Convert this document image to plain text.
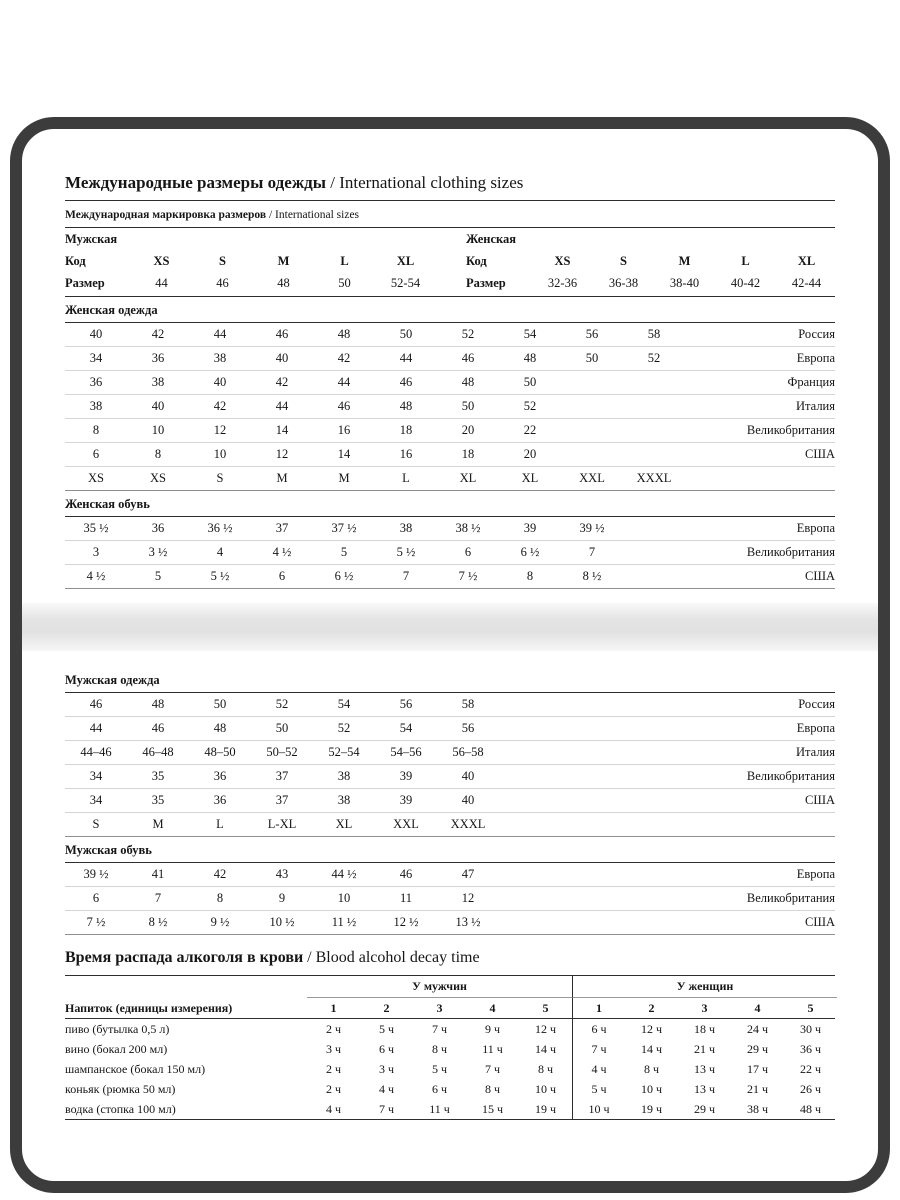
Международные размеры одежды / International clothing sizes
Международная маркировка размеров / International sizes
Мужская
Код	XS	S	M	L	XL
Размер	44	46	48	50	52-54
Женская
Код	XS	S	M	L	XL
Размер	32-36	36-38	38-40	40-42	42-44
Женская одежда
40	42	44	46	48	50	52	54	56	58	Россия
34	36	38	40	42	44	46	48	50	52	Европа
36	38	40	42	44	46	48	50	Франция
38	40	42	44	46	48	50	52	Италия
8	10	12	14	16	18	20	22	Великобритания
6	8	10	12	14	16	18	20	США
XS	XS	S	M	M	L	XL	XL	XXL	XXXL
Женская обувь
35 ½	36	36 ½	37	37 ½	38	38 ½	39	39 ½	Европа
3	3 ½	4	4 ½	5	5 ½	6	6 ½	7	Великобритания
4 ½	5	5 ½	6	6 ½	7	7 ½	8	8 ½	США
Мужская одежда
46	48	50	52	54	56	58	Россия
44	46	48	50	52	54	56	Европа
44–46	46–48	48–50	50–52	52–54	54–56	56–58	Италия
34	35	36	37	38	39	40	Великобритания
34	35	36	37	38	39	40	США
S	M	L	L-XL	XL	XXL	XXXL
Мужская обувь
39 ½	41	42	43	44 ½	46	47	Европа
6	7	8	9	10	11	12	Великобритания
7 ½	8 ½	9 ½	10 ½	11 ½	12 ½	13 ½	США
Время распада алкоголя в крови / Blood alcohol decay time
У мужчин	У женщин
Напиток (единицы измерения)	1	2	3	4	5	1	2	3	4	5
пиво (бутылка 0,5 л)	2 ч	5 ч	7 ч	9 ч	12 ч	6 ч	12 ч	18 ч	24 ч	30 ч
вино (бокал 200 мл)	3 ч	6 ч	8 ч	11 ч	14 ч	7 ч	14 ч	21 ч	29 ч	36 ч
шампанское (бокал 150 мл)	2 ч	3 ч	5 ч	7 ч	8 ч	4 ч	8 ч	13 ч	17 ч	22 ч
коньяк (рюмка 50 мл)	2 ч	4 ч	6 ч	8 ч	10 ч	5 ч	10 ч	13 ч	21 ч	26 ч
водка (стопка 100 мл)	4 ч	7 ч	11 ч	15 ч	19 ч	10 ч	19 ч	29 ч	38 ч	48 ч
